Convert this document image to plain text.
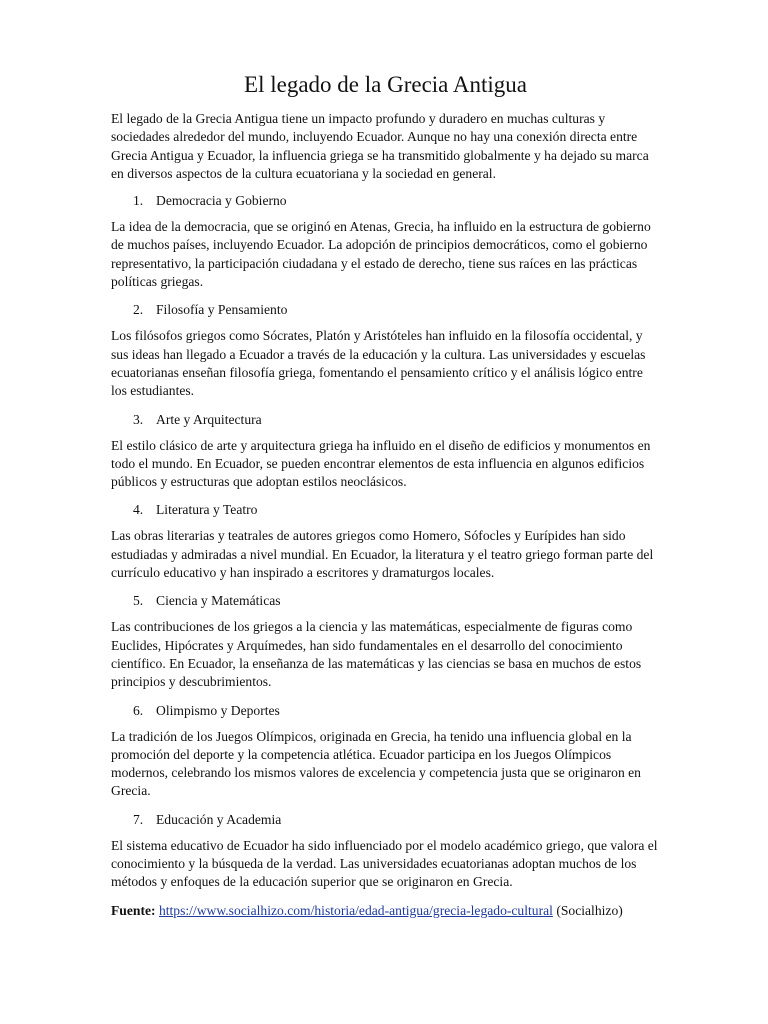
El legado de la Grecia Antigua

El legado de la Grecia Antigua tiene un impacto profundo y duradero en muchas culturas y sociedades alrededor del mundo, incluyendo Ecuador. Aunque no hay una conexión directa entre Grecia Antigua y Ecuador, la influencia griega se ha transmitido globalmente y ha dejado su marca en diversos aspectos de la cultura ecuatoriana y la sociedad en general.

1. Democracia y Gobierno

La idea de la democracia, que se originó en Atenas, Grecia, ha influido en la estructura de gobierno de muchos países, incluyendo Ecuador. La adopción de principios democráticos, como el gobierno representativo, la participación ciudadana y el estado de derecho, tiene sus raíces en las prácticas políticas griegas.

2. Filosofía y Pensamiento

Los filósofos griegos como Sócrates, Platón y Aristóteles han influido en la filosofía occidental, y sus ideas han llegado a Ecuador a través de la educación y la cultura. Las universidades y escuelas ecuatorianas enseñan filosofía griega, fomentando el pensamiento crítico y el análisis lógico entre los estudiantes.

3. Arte y Arquitectura

El estilo clásico de arte y arquitectura griega ha influido en el diseño de edificios y monumentos en todo el mundo. En Ecuador, se pueden encontrar elementos de esta influencia en algunos edificios públicos y estructuras que adoptan estilos neoclásicos.

4. Literatura y Teatro

Las obras literarias y teatrales de autores griegos como Homero, Sófocles y Eurípides han sido estudiadas y admiradas a nivel mundial. En Ecuador, la literatura y el teatro griego forman parte del currículo educativo y han inspirado a escritores y dramaturgos locales.

5. Ciencia y Matemáticas

Las contribuciones de los griegos a la ciencia y las matemáticas, especialmente de figuras como Euclides, Hipócrates y Arquímedes, han sido fundamentales en el desarrollo del conocimiento científico. En Ecuador, la enseñanza de las matemáticas y las ciencias se basa en muchos de estos principios y descubrimientos.

6. Olimpismo y Deportes

La tradición de los Juegos Olímpicos, originada en Grecia, ha tenido una influencia global en la promoción del deporte y la competencia atlética. Ecuador participa en los Juegos Olímpicos modernos, celebrando los mismos valores de excelencia y competencia justa que se originaron en Grecia.

7. Educación y Academia

El sistema educativo de Ecuador ha sido influenciado por el modelo académico griego, que valora el conocimiento y la búsqueda de la verdad. Las universidades ecuatorianas adoptan muchos de los métodos y enfoques de la educación superior que se originaron en Grecia.

Fuente: https://www.socialhizo.com/historia/edad-antigua/grecia-legado-cultural (Socialhizo)
